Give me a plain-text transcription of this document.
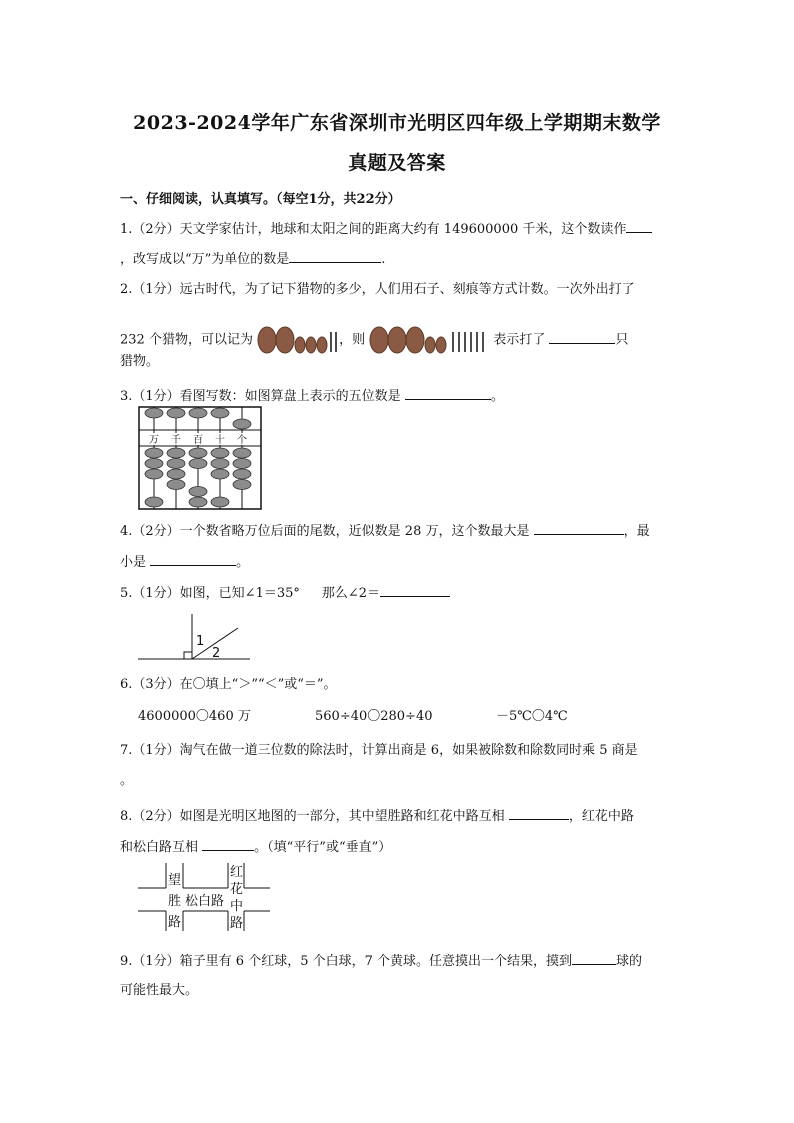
2023-2024学年广东省深圳市光明区四年级上学期期末数学
真题及答案
一、仔细阅读，认真填写。（每空1分，共22分）
1.（2分）天文学家估计，地球和太阳之间的距离大约有 149600000 千米，这个数读作
，改写成以“万”为单位的数是	.
2.（1分）远古时代，为了记下猎物的多少，人们用石子、刻痕等方式计数。一次外出打了
232 个猎物，可以记为	，则	表示打了	只
猎物。
3.（1分）看图写数：如图算盘上表示的五位数是	。
万 千 百 十 个
4.（2分）一个数省略万位后面的尾数，近似数是 28 万，这个数最大是	，最
小是	。
5.（1分）如图，已知∠1＝35° 那么∠2＝
1
2
6.（3分）在〇填上“＞”“＜”或“＝”。
4600000〇460 万	560÷40〇280÷40	－5℃〇4℃
7.（1分）淘气在做一道三位数的除法时，计算出商是 6，如果被除数和除数同时乘 5 商是
。
8.（2分）如图是光明区地图的一部分，其中望胜路和红花中路互相	，红花中路
和松白路互相	。（填“平行”或“垂直”）
望
胜
路
松白路
红
花
中
路
9.（1分）箱子里有 6 个红球，5 个白球，7 个黄球。任意摸出一个结果，摸到	球的
可能性最大。
